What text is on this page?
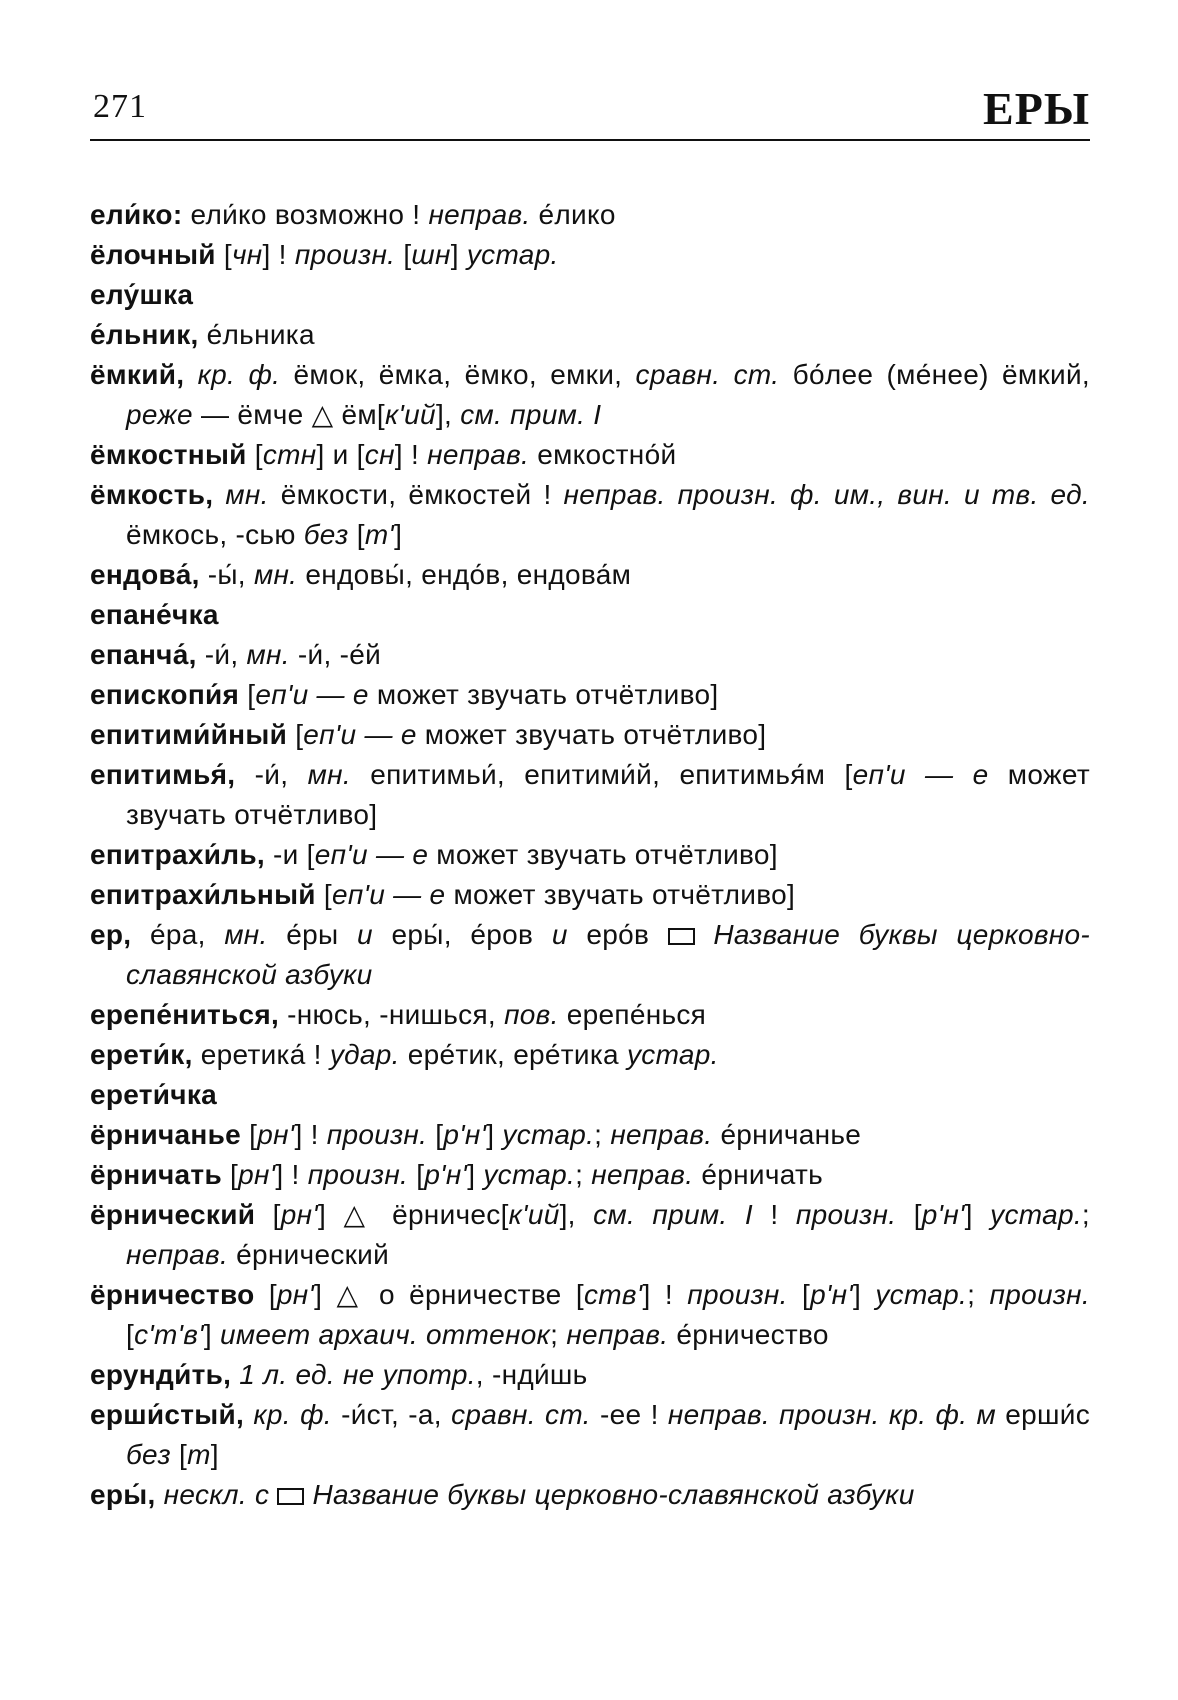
271	ЕРЫ
ели́ко: ели́ко возможно ! неправ. е́лико
ёлочный [чн] ! произн. [шн] устар.
елу́шка
е́льник, е́льника
ёмкий, кр. ф. ёмок, ёмка, ёмко, емки, сравн. ст. бо́лее (ме́нее) ёмкий, реже — ёмче △ ём[к'ий], см. прим. I
ёмкостный [стн] и [сн] ! неправ. емкостно́й
ёмкость, мн. ёмкости, ёмкостей ! неправ. произн. ф. им., вин. и тв. ед. ёмкось, -сью без [т']
ендова́, -ы́, мн. ендовы́, ендо́в, ендова́м
епане́чка
епанча́, -и́, мн. -и́, -е́й
епископи́я [еп'и — е может звучать отчётливо]
епитими́йный [еп'и — е может звучать отчётливо]
епитимья́, -и́, мн. епитимьи́, епитими́й, епитимья́м [еп'и — е может звучать отчётливо]
епитрахи́ль, -и [еп'и — е может звучать отчётливо]
епитрахи́льный [еп'и — е может звучать отчётливо]
ер, е́ра, мн. е́ры и еры́, е́ров и еро́в  Название буквы церковно-славянской азбуки
ерепе́ниться, -нюсь, -нишься, пов. ерепе́нься
ерети́к, еретика́ ! удар. ере́тик, ере́тика устар.
ерети́чка
ёрничанье [рн'] ! произн. [р'н'] устар.; неправ. е́рничанье
ёрничать [рн'] ! произн. [р'н'] устар.; неправ. е́рничать
ёрнический [рн'] △ ёрничес[к'ий], см. прим. I ! произн. [р'н'] устар.; неправ. е́рнический
ёрничество [рн'] △ о ёрничестве [ств'] ! произн. [р'н'] устар.; произн. [с'т'в'] имеет архаич. оттенок; неправ. е́рничество
ерунди́ть, 1 л. ед. не употр., -нди́шь
ерши́стый, кр. ф. -и́ст, -а, сравн. ст. -ее ! неправ. произн. кр. ф. м ерши́с без [т]
еры́, нескл. с Название буквы церковно-славянской азбуки
